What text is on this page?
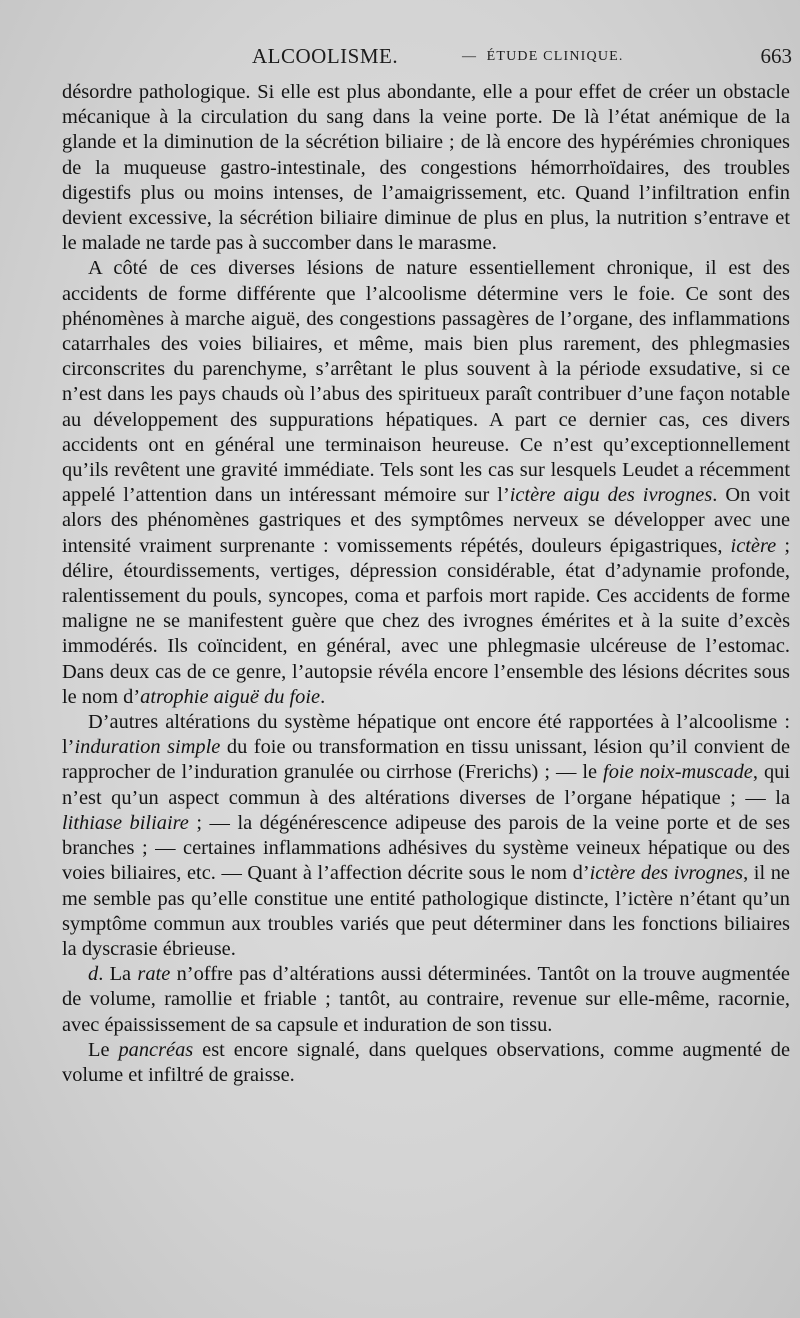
ALCOOLISME.	— ÉTUDE CLINIQUE.	663

désordre pathologique. Si elle est plus abondante, elle a pour effet de créer un obstacle mécanique à la circulation du sang dans la veine porte. De là l’état anémique de la glande et la diminution de la sécrétion biliaire ; de là encore des hypérémies chroniques de la muqueuse gastro-intestinale, des congestions hémorrhoïdaires, des troubles digestifs plus ou moins intenses, de l’amaigrissement, etc. Quand l’infiltration enfin devient excessive, la sécrétion biliaire diminue de plus en plus, la nutrition s’entrave et le malade ne tarde pas à succomber dans le marasme.

A côté de ces diverses lésions de nature essentiellement chronique, il est des accidents de forme différente que l’alcoolisme détermine vers le foie. Ce sont des phénomènes à marche aiguë, des congestions passagères de l’organe, des inflammations catarrhales des voies biliaires, et même, mais bien plus rarement, des phlegmasies circonscrites du parenchyme, s’arrêtant le plus souvent à la période exsudative, si ce n’est dans les pays chauds où l’abus des spiritueux paraît contribuer d’une façon notable au développement des suppurations hépatiques. A part ce dernier cas, ces divers accidents ont en général une terminaison heureuse. Ce n’est qu’exceptionnellement qu’ils revêtent une gravité immédiate. Tels sont les cas sur lesquels Leudet a récemment appelé l’attention dans un intéressant mémoire sur l’ictère aigu des ivrognes. On voit alors des phénomènes gastriques et des symptômes nerveux se développer avec une intensité vraiment surprenante : vomissements répétés, douleurs épigastriques, ictère ; délire, étourdissements, vertiges, dépression considérable, état d’adynamie profonde, ralentissement du pouls, syncopes, coma et parfois mort rapide. Ces accidents de forme maligne ne se manifestent guère que chez des ivrognes émérites et à la suite d’excès immodérés. Ils coïncident, en général, avec une phlegmasie ulcéreuse de l’estomac. Dans deux cas de ce genre, l’autopsie révéla encore l’ensemble des lésions décrites sous le nom d’atrophie aiguë du foie.

D’autres altérations du système hépatique ont encore été rapportées à l’alcoolisme : l’induration simple du foie ou transformation en tissu unissant, lésion qu’il convient de rapprocher de l’induration granulée ou cirrhose (Frerichs) ; — le foie noix-muscade, qui n’est qu’un aspect commun à des altérations diverses de l’organe hépatique ; — la lithiase biliaire ; — la dégénérescence adipeuse des parois de la veine porte et de ses branches ; — certaines inflammations adhésives du système veineux hépatique ou des voies biliaires, etc. — Quant à l’affection décrite sous le nom d’ictère des ivrognes, il ne me semble pas qu’elle constitue une entité pathologique distincte, l’ictère n’étant qu’un symptôme commun aux troubles variés que peut déterminer dans les fonctions biliaires la dyscrasie ébrieuse.

d. La rate n’offre pas d’altérations aussi déterminées. Tantôt on la trouve augmentée de volume, ramollie et friable ; tantôt, au contraire, revenue sur elle-même, racornie, avec épaississement de sa capsule et induration de son tissu.

Le pancréas est encore signalé, dans quelques observations, comme augmenté de volume et infiltré de graisse.
